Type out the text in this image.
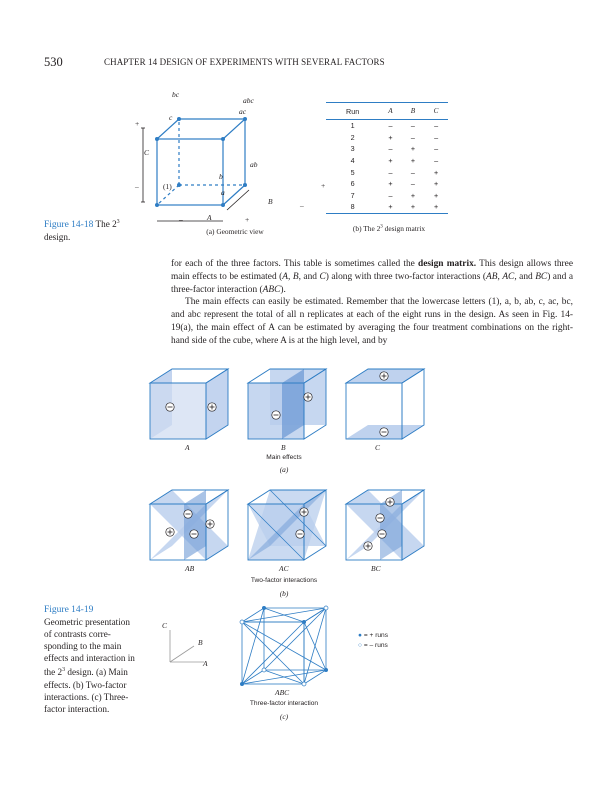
530	CHAPTER 14 DESIGN OF EXPERIMENTS WITH SEVERAL FACTORS
bc
abc
ac
c
ab
b
a
(1)
+
–
C
+
–
B
–	+
A
(a) Geometric view
Run	A	B	C
1	–	–	–
2	+	–	–
3	–	+	–
4	+	+	–
5	–	–	+
6	+	–	+
7	–	+	+
8	+	+	+
(b) The $2^3$ design matrix
Figure 14-18 The $2^3$ design.

for each of the three factors. This table is sometimes called the design matrix. This design allows three main effects to be estimated (A, B, and C) along with three two-factor interactions (AB, AC, and BC) and a three-factor interaction (ABC).

The main effects can easily be estimated. Remember that the lowercase letters (1), a, b, ab, c, ac, bc, and abc represent the total of all n replicates at each of the eight runs in the design. As seen in Fig. 14-19(a), the main effect of A can be estimated by averaging the four treatment combinations on the right-hand side of the cube, where A is at the high level, and by

A	B	C
Main effects
(a)
AB	AC	BC
Two-factor interactions
(b)
Figure 14-19
Geometric presentation of contrasts corresponding to the main effects and interaction in the $2^3$ design. (a) Main effects. (b) Two-factor interactions. (c) Three-factor interaction.
C
B
A
ABC
Three-factor interaction
(c)
● = + runs
○ = – runs
